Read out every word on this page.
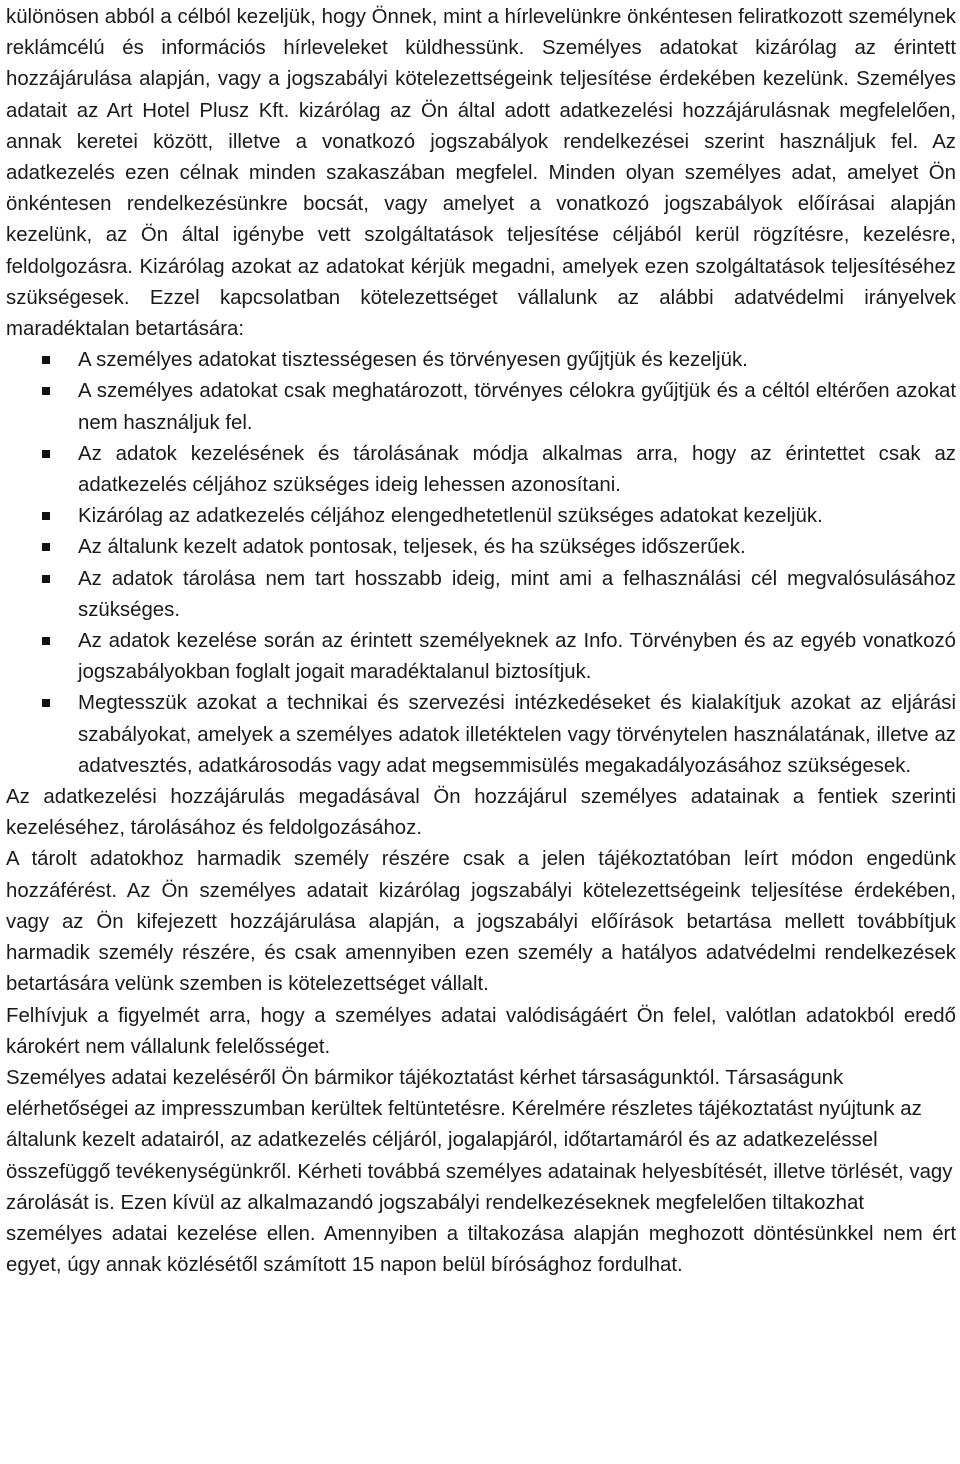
különösen abból a célból kezeljük, hogy Önnek, mint a hírlevelünkre önkéntesen feliratkozott személynek reklámcélú és információs hírleveleket küldhessünk. Személyes adatokat kizárólag az érintett hozzájárulása alapján, vagy a jogszabályi kötelezettségeink teljesítése érdekében kezelünk. Személyes adatait az Art Hotel Plusz Kft. kizárólag az Ön által adott adatkezelési hozzájárulásnak megfelelően, annak keretei között, illetve a vonatkozó jogszabályok rendelkezései szerint használjuk fel. Az adatkezelés ezen célnak minden szakaszában megfelel. Minden olyan személyes adat, amelyet Ön önkéntesen rendelkezésünkre bocsát, vagy amelyet a vonatkozó jogszabályok előírásai alapján kezelünk, az Ön által igénybe vett szolgáltatások teljesítése céljából kerül rögzítésre, kezelésre, feldolgozásra. Kizárólag azokat az adatokat kérjük megadni, amelyek ezen szolgáltatások teljesítéséhez szükségesek. Ezzel kapcsolatban kötelezettséget vállalunk az alábbi adatvédelmi irányelvek maradéktalan betartására:

A személyes adatokat tisztességesen és törvényesen gyűjtjük és kezeljük.
A személyes adatokat csak meghatározott, törvényes célokra gyűjtjük és a céltól eltérően azokat nem használjuk fel.
Az adatok kezelésének és tárolásának módja alkalmas arra, hogy az érintettet csak az adatkezelés céljához szükséges ideig lehessen azonosítani.
Kizárólag az adatkezelés céljához elengedhetetlenül szükséges adatokat kezeljük.
Az általunk kezelt adatok pontosak, teljesek, és ha szükséges időszerűek.
Az adatok tárolása nem tart hosszabb ideig, mint ami a felhasználási cél megvalósulásához szükséges.
Az adatok kezelése során az érintett személyeknek az Info. Törvényben és az egyéb vonatkozó jogszabályokban foglalt jogait maradéktalanul biztosítjuk.
Megtesszük azokat a technikai és szervezési intézkedéseket és kialakítjuk azokat az eljárási szabályokat, amelyek a személyes adatok illetéktelen vagy törvénytelen használatának, illetve az adatvesztés, adatkárosodás vagy adat megsemmisülés megakadályozásához szükségesek.

Az adatkezelési hozzájárulás megadásával Ön hozzájárul személyes adatainak a fentiek szerinti kezeléséhez, tárolásához és feldolgozásához.

A tárolt adatokhoz harmadik személy részére csak a jelen tájékoztatóban leírt módon engedünk hozzáférést. Az Ön személyes adatait kizárólag jogszabályi kötelezettségeink teljesítése érdekében, vagy az Ön kifejezett hozzájárulása alapján, a jogszabályi előírások betartása mellett továbbítjuk harmadik személy részére, és csak amennyiben ezen személy a hatályos adatvédelmi rendelkezések betartására velünk szemben is kötelezettséget vállalt.

Felhívjuk a figyelmét arra, hogy a személyes adatai valódiságáért Ön felel, valótlan adatokból eredő károkért nem vállalunk felelősséget.

Személyes adatai kezeléséről Ön bármikor tájékoztatást kérhet társaságunktól. Társaságunk elérhetőségei az impresszumban kerültek feltüntetésre. Kérelmére részletes tájékoztatást nyújtunk az általunk kezelt adatairól, az adatkezelés céljáról, jogalapjáról, időtartamáról és az adatkezeléssel összefüggő tevékenységünkről. Kérheti továbbá személyes adatainak helyesbítését, illetve törlését, vagy zárolását is. Ezen kívül az alkalmazandó jogszabályi rendelkezéseknek megfelelően tiltakozhat

személyes adatai kezelése ellen. Amennyiben a tiltakozása alapján meghozott döntésünkkel nem ért egyet, úgy annak közlésétől számított 15 napon belül bírósághoz fordulhat.
